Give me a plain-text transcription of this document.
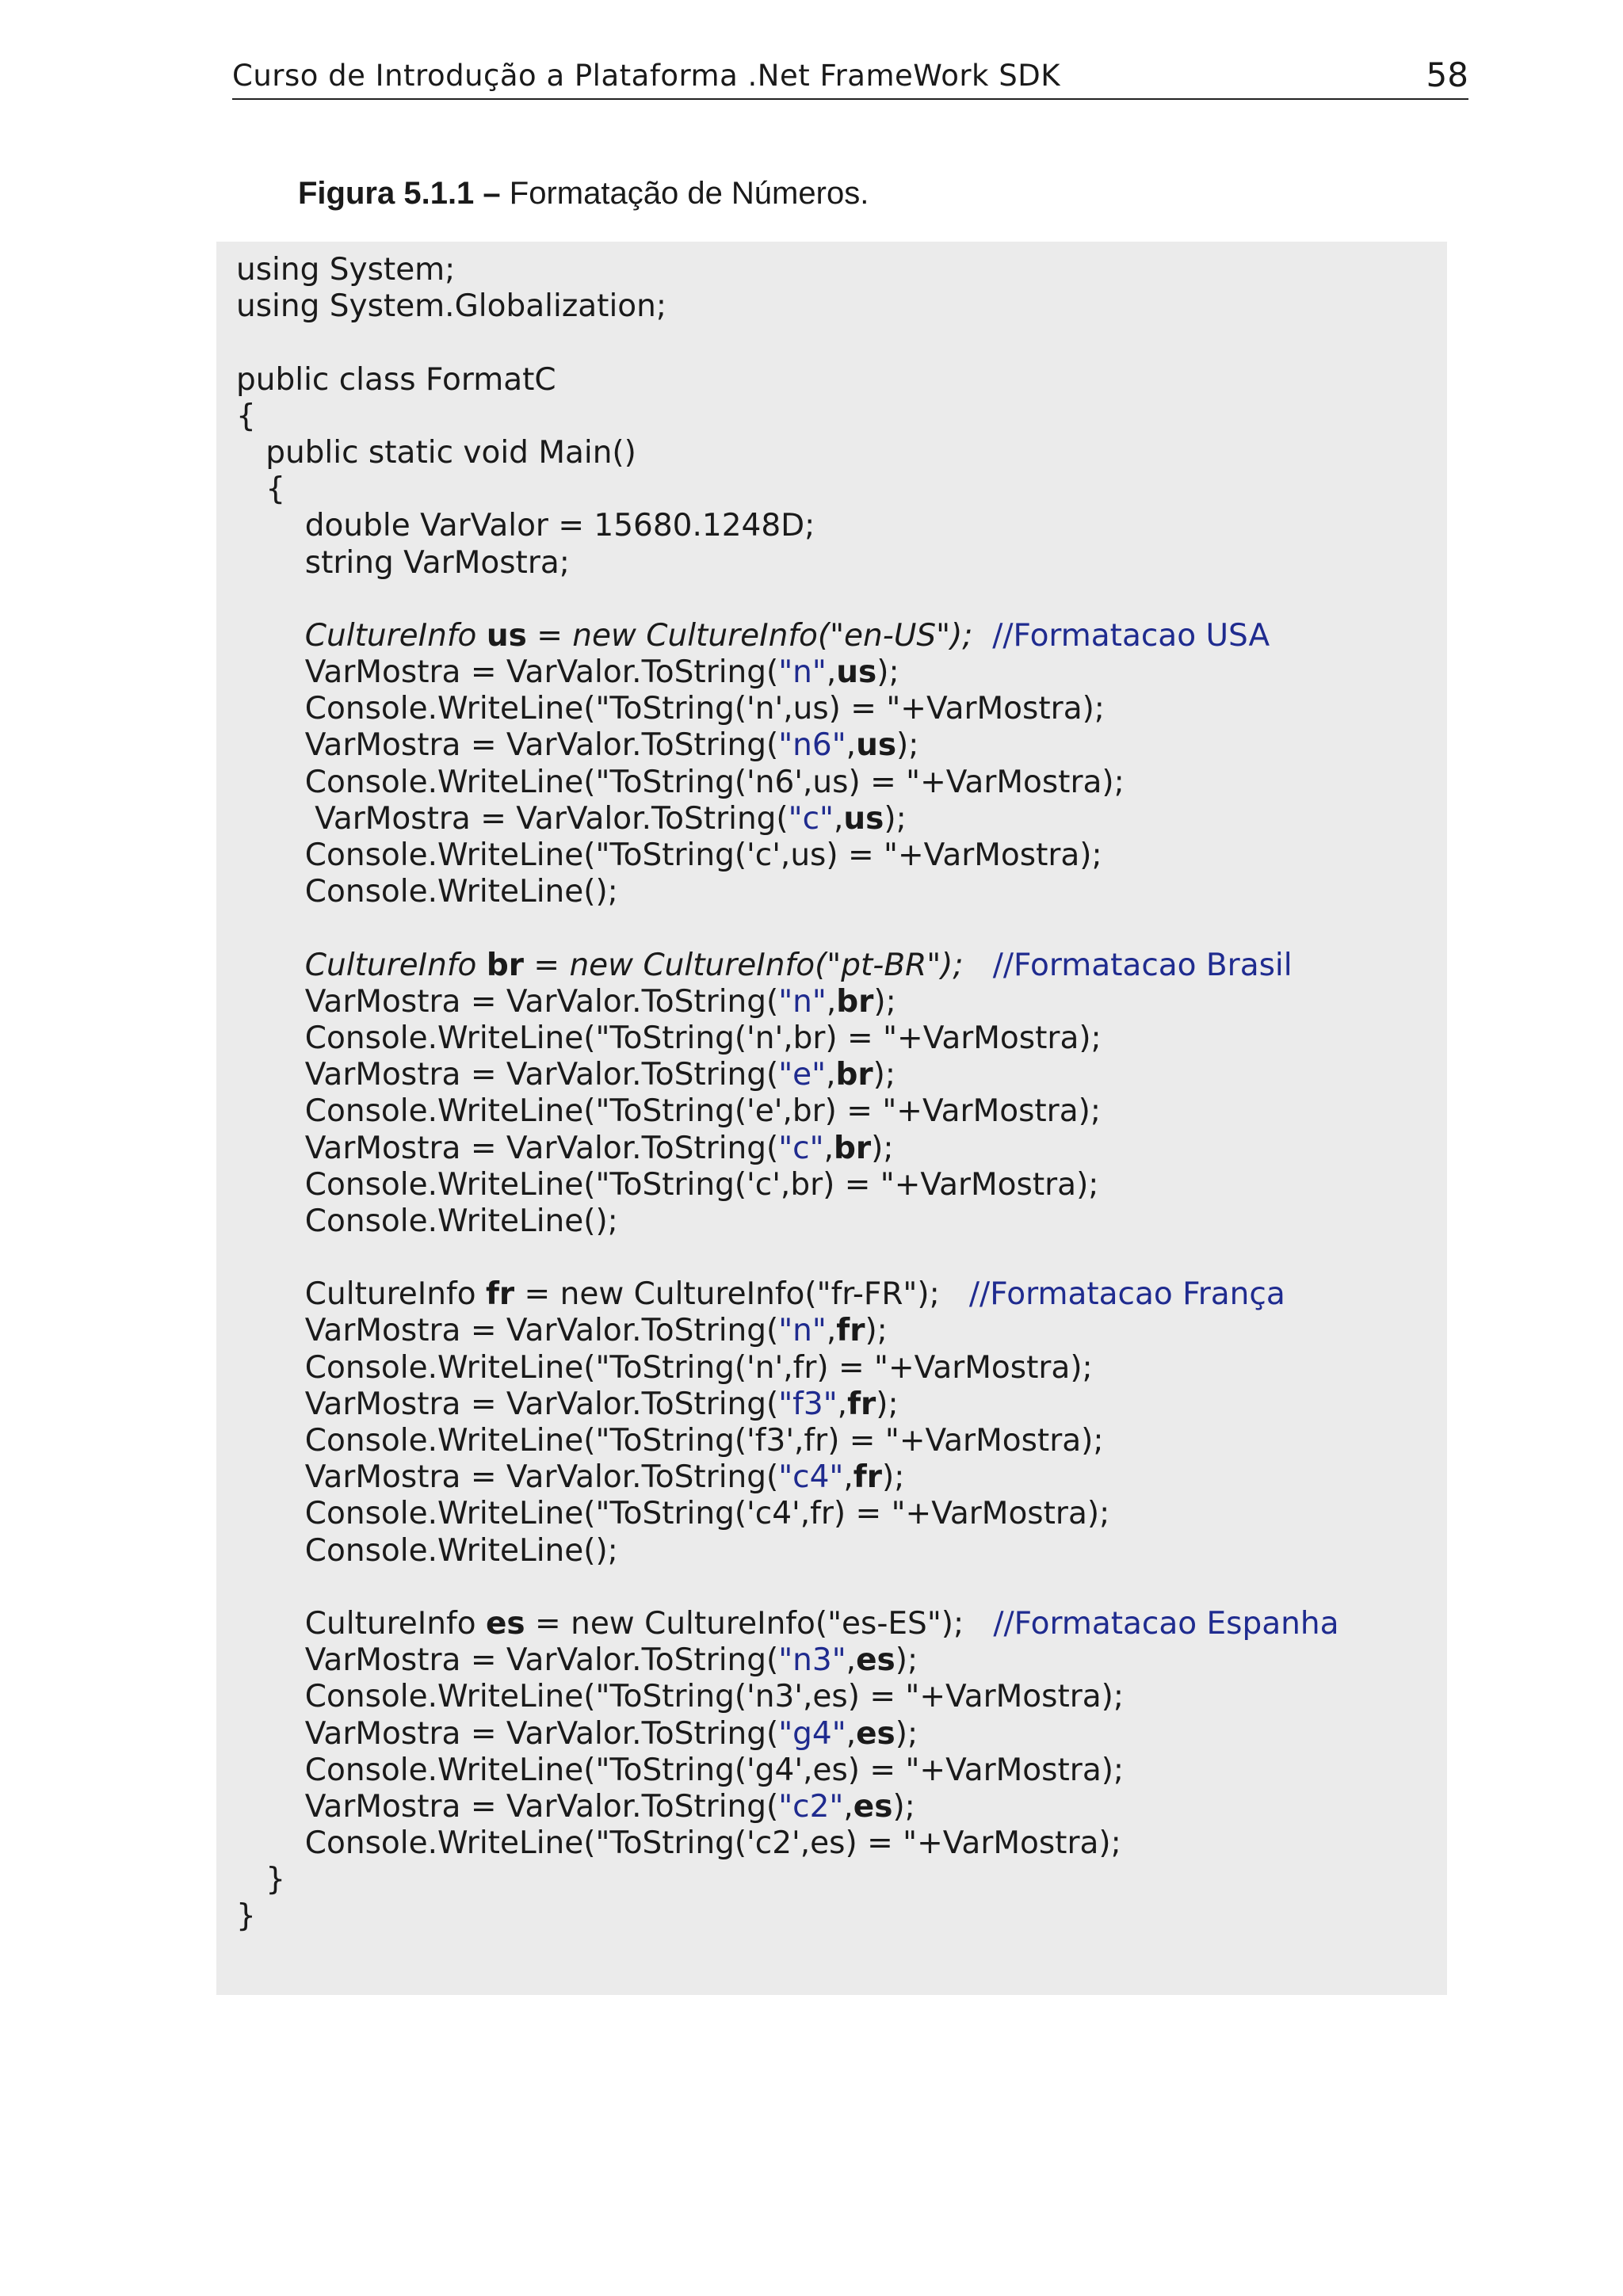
Curso de Introdução a Plataforma .Net FrameWork SDK	58
Figura 5.1.1 – Formatação de Números.
using System;
using System.Globalization;
public class FormatC
{
public static void Main()
{
double VarValor = 15680.1248D;
string VarMostra;
CultureInfo us = new CultureInfo("en-US"); //Formatacao USA
VarMostra = VarValor.ToString("n",us);
Console.WriteLine("ToString('n',us) = "+VarMostra);
VarMostra = VarValor.ToString("n6",us);
Console.WriteLine("ToString('n6',us) = "+VarMostra);
VarMostra = VarValor.ToString("c",us);
Console.WriteLine("ToString('c',us) = "+VarMostra);
Console.WriteLine();
CultureInfo br = new CultureInfo("pt-BR"); //Formatacao Brasil
VarMostra = VarValor.ToString("n",br);
Console.WriteLine("ToString('n',br) = "+VarMostra);
VarMostra = VarValor.ToString("e",br);
Console.WriteLine("ToString('e',br) = "+VarMostra);
VarMostra = VarValor.ToString("c",br);
Console.WriteLine("ToString('c',br) = "+VarMostra);
Console.WriteLine();
CultureInfo fr = new CultureInfo("fr-FR");   //Formatacao França
VarMostra = VarValor.ToString("n",fr);
Console.WriteLine("ToString('n',fr) = "+VarMostra);
VarMostra = VarValor.ToString("f3",fr);
Console.WriteLine("ToString('f3',fr) = "+VarMostra);
VarMostra = VarValor.ToString("c4",fr);
Console.WriteLine("ToString('c4',fr) = "+VarMostra);
Console.WriteLine();
CultureInfo es = new CultureInfo("es-ES");   //Formatacao Espanha
VarMostra = VarValor.ToString("n3",es);
Console.WriteLine("ToString('n3',es) = "+VarMostra);
VarMostra = VarValor.ToString("g4",es);
Console.WriteLine("ToString('g4',es) = "+VarMostra);
VarMostra = VarValor.ToString("c2",es);
Console.WriteLine("ToString('c2',es) = "+VarMostra);
}
}
